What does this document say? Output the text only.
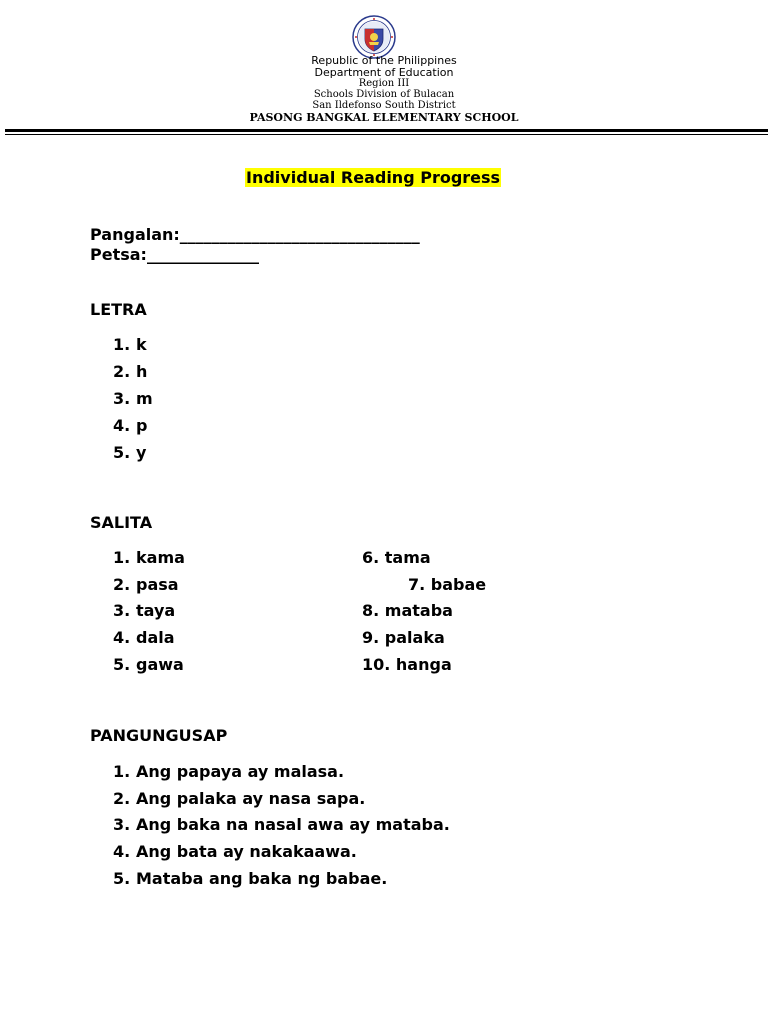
Republic of the Philippines
Department of Education
Region III
Schools Division of Bulacan
San Ildefonso South District
PASONG BANGKAL ELEMENTARY SCHOOL
Individual Reading Progress
Pangalan:______________________________
Petsa:______________
LETRA
1. k
2. h
3. m
4. p
5. y
SALITA
1. kama
2. pasa
3. taya
4. dala
5. gawa
6. tama
7. babae
8. mataba
9. palaka
10. hanga
PANGUNGUSAP
1. Ang papaya ay malasa.
2. Ang palaka ay nasa sapa.
3. Ang baka na nasal awa ay mataba.
4. Ang bata ay nakakaawa.
5. Mataba ang baka ng babae.
